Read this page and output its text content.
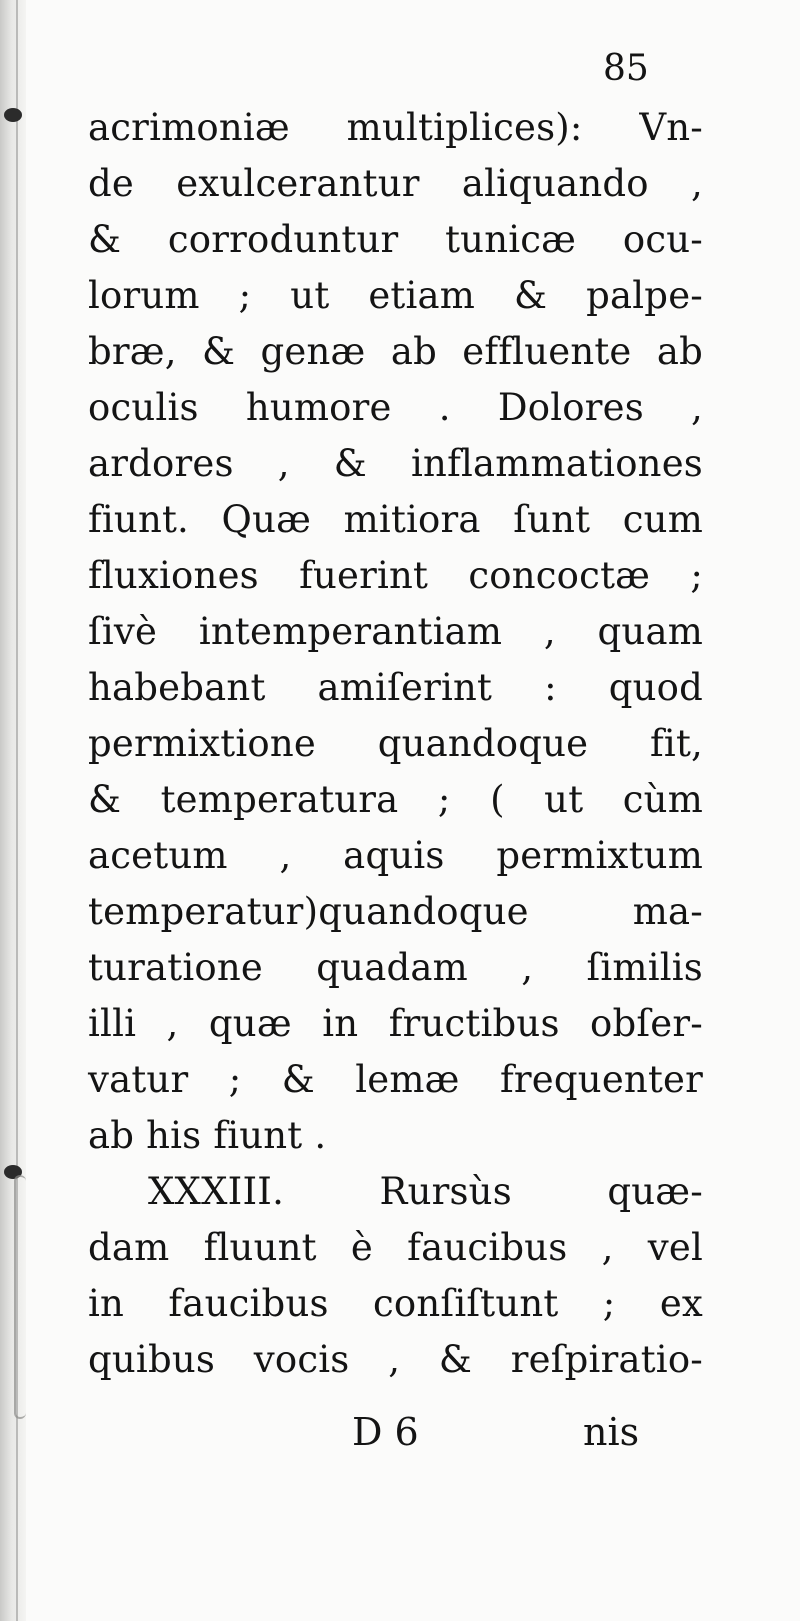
85
acrimoniæ multiplices): Vn-
de exulcerantur aliquando ,
& corroduntur tunicæ ocu-
lorum ; ut etiam & palpe-
bræ, & genæ ab effluente ab
oculis humore . Dolores ,
ardores , & inflammationes
fiunt. Quæ mitiora ſunt cum
fluxiones fuerint concoctæ ;
ſivè intemperantiam , quam
habebant amiſerint : quod
permixtione quandoque fit,
& temperatura ; ( ut cùm
acetum , aquis permixtum
temperatur)quandoque ma-
turatione quadam , ſimilis
illi , quæ in fructibus obſer-
vatur ; & lemæ frequenter
ab his fiunt .
XXXIII. Rursùs quæ-
dam fluunt è faucibus , vel
in faucibus conſiſtunt ; ex
quibus vocis , & reſpiratio-
D 6	nis
